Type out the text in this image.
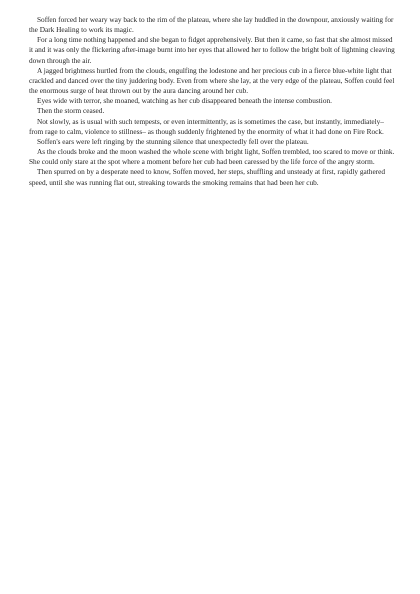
Soffen forced her weary way back to the rim of the plateau, where she lay huddled in the downpour, anxiously waiting for the Dark Healing to work its magic.

For a long time nothing happened and she began to fidget apprehensively. But then it came, so fast that she almost missed it and it was only the flickering after-image burnt into her eyes that allowed her to follow the bright bolt of lightning cleaving down through the air.

A jagged brightness hurtled from the clouds, engulfing the lodestone and her precious cub in a fierce blue-white light that crackled and danced over the tiny juddering body. Even from where she lay, at the very edge of the plateau, Soffen could feel the enormous surge of heat thrown out by the aura dancing around her cub.

Eyes wide with terror, she moaned, watching as her cub disappeared beneath the intense combustion.

Then the storm ceased.

Not slowly, as is usual with such tempests, or even intermittently, as is sometimes the case, but instantly, immediately– from rage to calm, violence to stillness– as though suddenly frightened by the enormity of what it had done on Fire Rock.

Soffen's ears were left ringing by the stunning silence that unexpectedly fell over the plateau.

As the clouds broke and the moon washed the whole scene with bright light, Soffen trembled, too scared to move or think. She could only stare at the spot where a moment before her cub had been caressed by the life force of the angry storm.

Then spurred on by a desperate need to know, Soffen moved, her steps, shuffling and unsteady at first, rapidly gathered speed, until she was running flat out, streaking towards the smoking remains that had been her cub.
